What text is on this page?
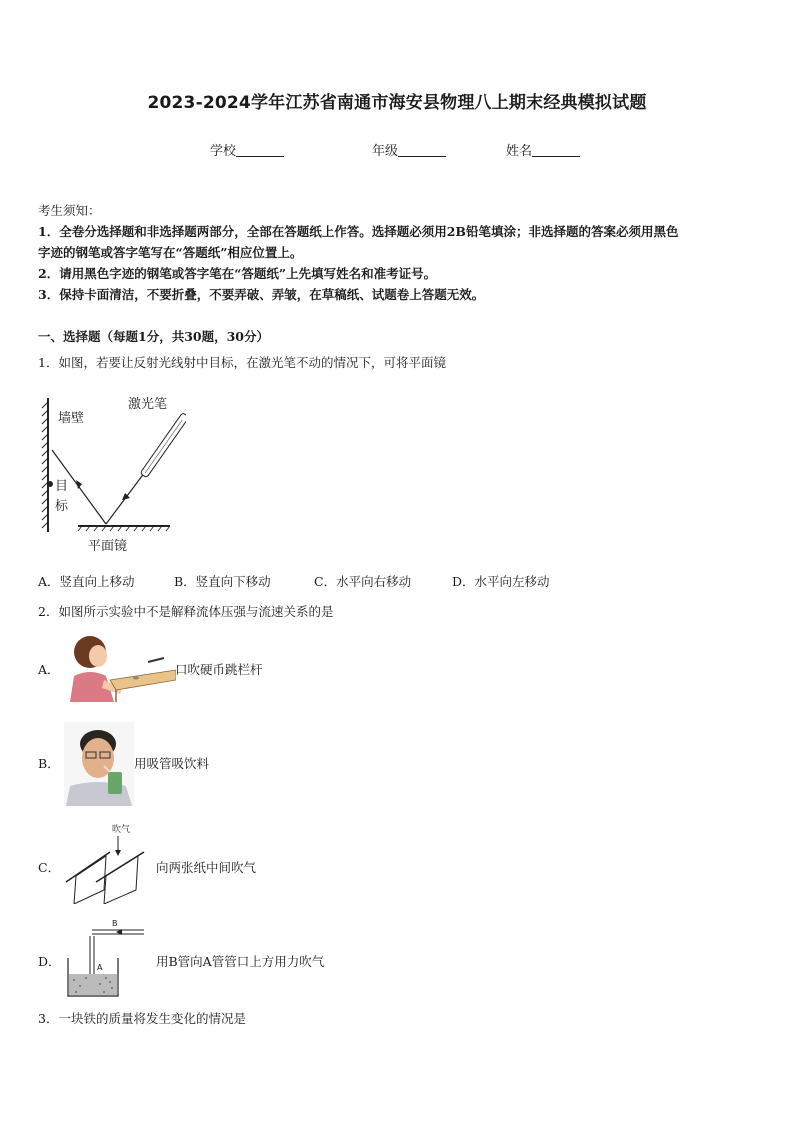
2023-2024学年江苏省南通市海安县物理八上期末经典模拟试题
学校	年级	姓名
考生须知：
1．全卷分选择题和非选择题两部分，全部在答题纸上作答。选择题必须用2B铅笔填涂；非选择题的答案必须用黑色
字迹的钢笔或答字笔写在“答题纸”相应位置上。
2．请用黑色字迹的钢笔或答字笔在“答题纸”上先填写姓名和准考证号。
3．保持卡面清洁，不要折叠，不要弄破、弄皱，在草稿纸、试题卷上答题无效。
一、选择题（每题1分，共30题，30分）
1．如图，若要让反射光线射中目标，在激光笔不动的情况下，可将平面镜
墙壁
激光笔
目
标
平面镜
A．竖直向上移动	B．竖直向下移动	C．水平向右移动	D．水平向左移动
2．如图所示实验中不是解释流体压强与流速关系的是
A．	口吹硬币跳栏杆
B．	用吸管吸饮料
C．
吹气
向两张纸中间吹气
D．
B
A	用B管向A管管口上方用力吹气
3．一块铁的质量将发生变化的情况是
